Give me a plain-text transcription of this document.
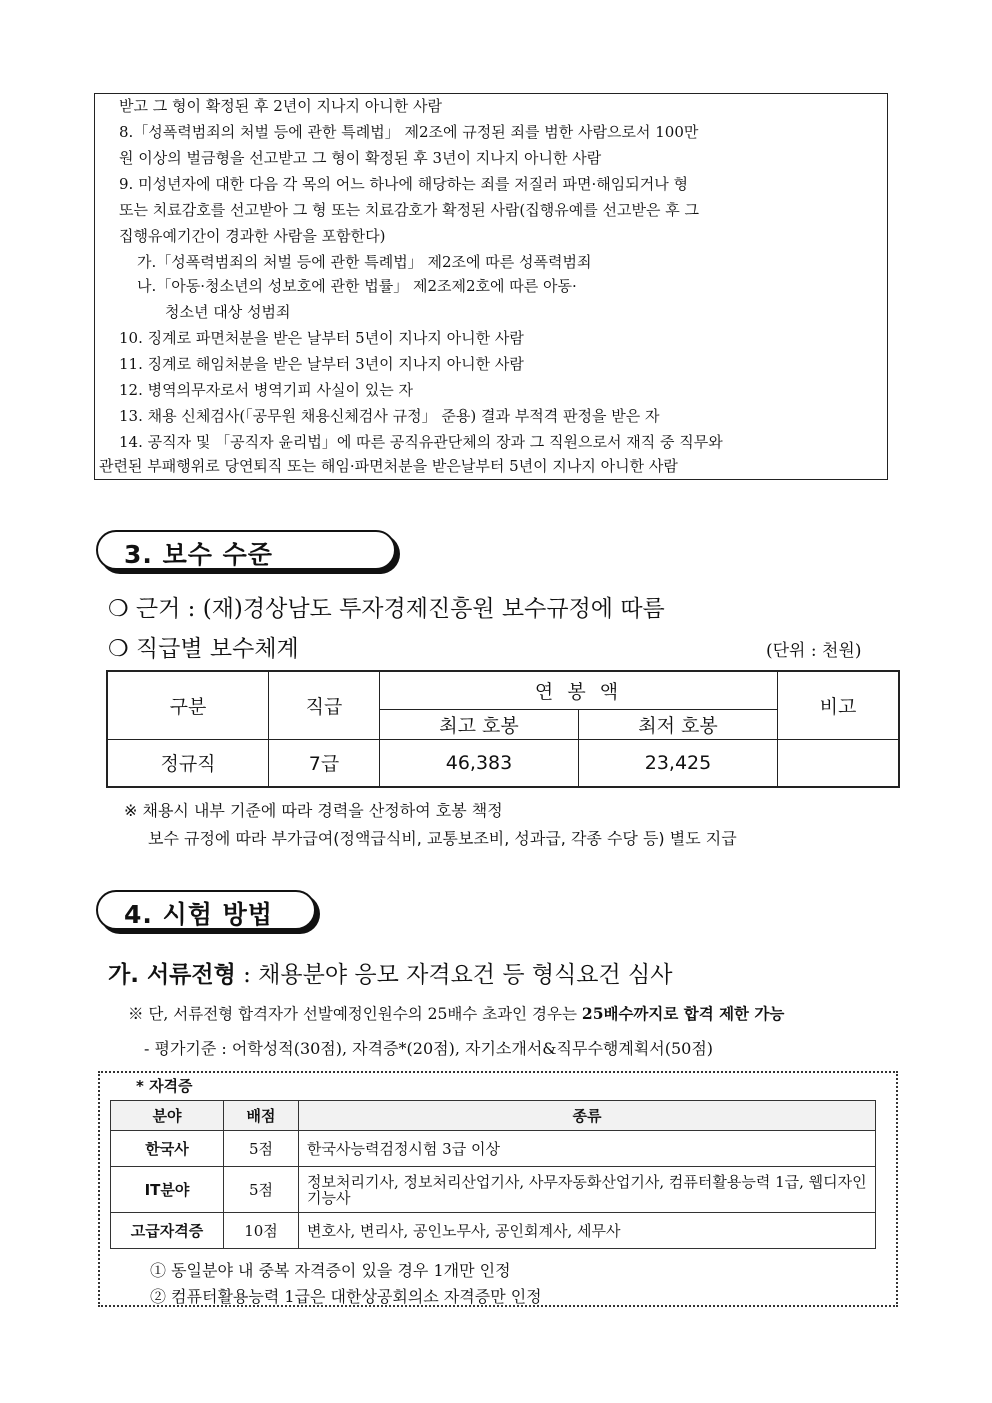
받고 그 형이 확정된 후 2년이 지나지 아니한 사람
8.「성폭력범죄의 처벌 등에 관한 특례법」 제2조에 규정된 죄를 범한 사람으로서 100만
원 이상의 벌금형을 선고받고 그 형이 확정된 후 3년이 지나지 아니한 사람
9. 미성년자에 대한 다음 각 목의 어느 하나에 해당하는 죄를 저질러 파면·해임되거나 형
또는 치료감호를 선고받아 그 형 또는 치료감호가 확정된 사람(집행유예를 선고받은 후 그
집행유예기간이 경과한 사람을 포함한다)
가.「성폭력범죄의 처벌 등에 관한 특례법」 제2조에 따른 성폭력범죄
나.「아동·청소년의 성보호에 관한 법률」 제2조제2호에 따른 아동·
청소년 대상 성범죄
10. 징계로 파면처분을 받은 날부터 5년이 지나지 아니한 사람
11. 징계로 해임처분을 받은 날부터 3년이 지나지 아니한 사람
12. 병역의무자로서 병역기피 사실이 있는 자
13. 채용 신체검사(「공무원 채용신체검사 규정」 준용) 결과 부적격 판정을 받은 자
14. 공직자 및 「공직자 윤리법」에 따른 공직유관단체의 장과 그 직원으로서 재직 중 직무와
관련된 부패행위로 당연퇴직 또는 해임·파면처분을 받은날부터 5년이 지나지 아니한 사람
3. 보수 수준
❍ 근거 : (재)경상남도 투자경제진흥원 보수규정에 따름
❍ 직급별 보수체계	(단위 : 천원)
구분	직급	연 봉 액		비고
		최고 호봉	최저 호봉	
정규직	7급	46,383	23,425	
※ 채용시 내부 기준에 따라 경력을 산정하여 호봉 책정
보수 규정에 따라 부가급여(정액급식비, 교통보조비, 성과급, 각종 수당 등) 별도 지급
4. 시험 방법
가. 서류전형 : 채용분야 응모 자격요건 등 형식요건 심사
※ 단, 서류전형 합격자가 선발예정인원수의 25배수 초과인 경우는 25배수까지로 합격 제한 가능
- 평가기준 : 어학성적(30점), 자격증*(20점), 자기소개서&직무수행계획서(50점)
* 자격증
분야	배점	종류
한국사	5점	한국사능력검정시험 3급 이상
IT분야	5점	정보처리기사, 정보처리산업기사, 사무자동화산업기사, 컴퓨터활용능력 1급, 웹디자인기능사
고급자격증	10점	변호사, 변리사, 공인노무사, 공인회계사, 세무사
① 동일분야 내 중복 자격증이 있을 경우 1개만 인정
② 컴퓨터활용능력 1급은 대한상공회의소 자격증만 인정
